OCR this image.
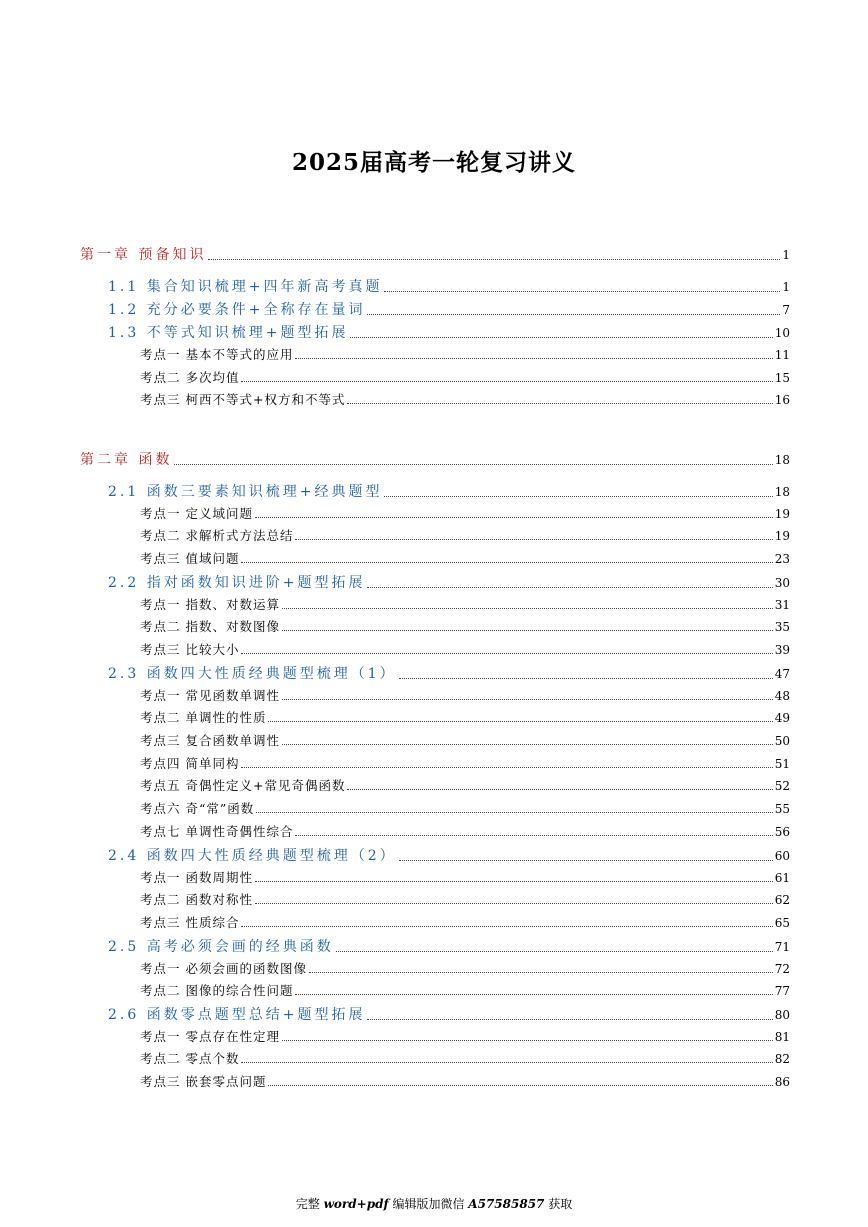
2025届高考一轮复习讲义
第一章 预备知识	1
1.1 集合知识梳理+四年新高考真题	1
1.2 充分必要条件+全称存在量词	7
1.3 不等式知识梳理+题型拓展	10
考点一 基本不等式的应用	11
考点二 多次均值	15
考点三 柯西不等式+权方和不等式	16
第二章 函数	18
2.1 函数三要素知识梳理+经典题型	18
考点一 定义域问题	19
考点二 求解析式方法总结	19
考点三 值域问题	23
2.2 指对函数知识进阶+题型拓展	30
考点一 指数、对数运算	31
考点二 指数、对数图像	35
考点三 比较大小	39
2.3 函数四大性质经典题型梳理（1）	47
考点一 常见函数单调性	48
考点二 单调性的性质	49
考点三 复合函数单调性	50
考点四 简单同构	51
考点五 奇偶性定义+常见奇偶函数	52
考点六 奇“常”函数	55
考点七 单调性奇偶性综合	56
2.4 函数四大性质经典题型梳理（2）	60
考点一 函数周期性	61
考点二 函数对称性	62
考点三 性质综合	65
2.5 高考必须会画的经典函数	71
考点一 必须会画的函数图像	72
考点二 图像的综合性问题	77
2.6 函数零点题型总结+题型拓展	80
考点一 零点存在性定理	81
考点二 零点个数	82
考点三 嵌套零点问题	86
完整 word+pdf 编辑版加微信 A57585857 获取
